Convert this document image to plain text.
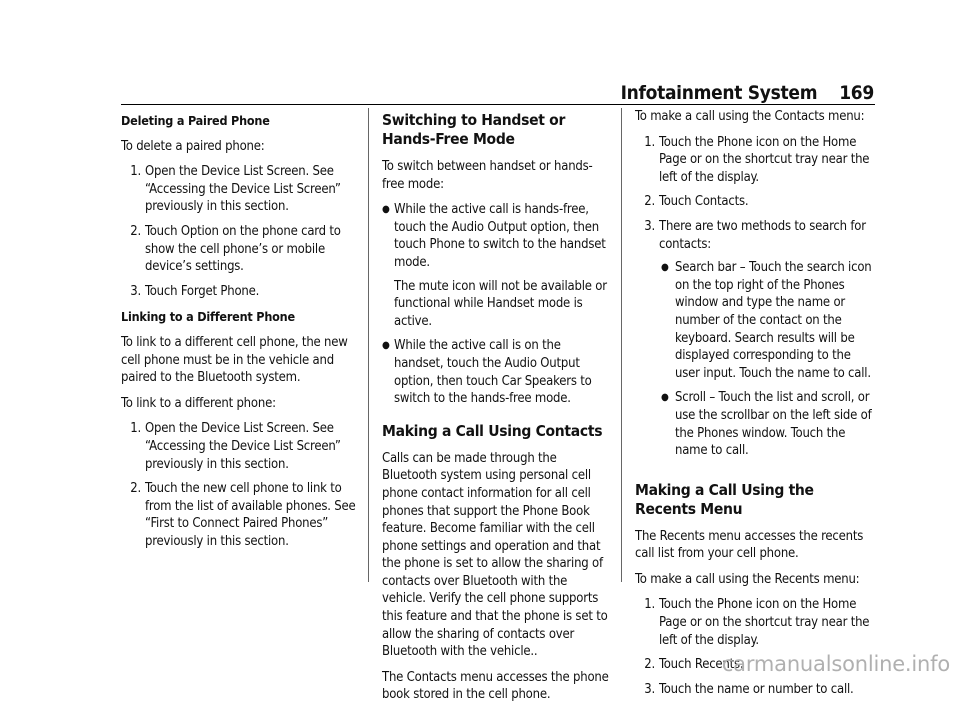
Infotainment System 169

Deleting a Paired Phone

To delete a paired phone:

1. Open the Device List Screen. See “Accessing the Device List Screen” previously in this section.
2. Touch Option on the phone card to show the cell phone’s or mobile device’s settings.
3. Touch Forget Phone.

Linking to a Different Phone

To link to a different cell phone, the new cell phone must be in the vehicle and paired to the Bluetooth system.

To link to a different phone:

1. Open the Device List Screen. See “Accessing the Device List Screen” previously in this section.
2. Touch the new cell phone to link to from the list of available phones. See “First to Connect Paired Phones” previously in this section.
Switching to Handset or Hands-Free Mode

To switch between handset or hands-free mode:

● While the active call is hands-free, touch the Audio Output option, then touch Phone to switch to the handset mode.

The mute icon will not be available or functional while Handset mode is active.

● While the active call is on the handset, touch the Audio Output option, then touch Car Speakers to switch to the hands-free mode.
Making a Call Using Contacts

Calls can be made through the Bluetooth system using personal cell phone contact information for all cell phones that support the Phone Book feature. Become familiar with the cell phone settings and operation and that the phone is set to allow the sharing of contacts over Bluetooth with the vehicle. Verify the cell phone supports this feature and that the phone is set to allow the sharing of contacts over Bluetooth with the vehicle..

The Contacts menu accesses the phone book stored in the cell phone.

To make a call using the Contacts menu:

1. Touch the Phone icon on the Home Page or on the shortcut tray near the left of the display.
2. Touch Contacts.
3. There are two methods to search for contacts:
● Search bar – Touch the search icon on the top right of the Phones window and type the name or number of the contact on the keyboard. Search results will be displayed corresponding to the user input. Touch the name to call.
● Scroll – Touch the list and scroll, or use the scrollbar on the left side of the Phones window. Touch the name to call.
Making a Call Using the Recents Menu

The Recents menu accesses the recents call list from your cell phone.

To make a call using the Recents menu:

1. Touch the Phone icon on the Home Page or on the shortcut tray near the left of the display.
2. Touch Recents.
3. Touch the name or number to call.
carmanualsonline.info
